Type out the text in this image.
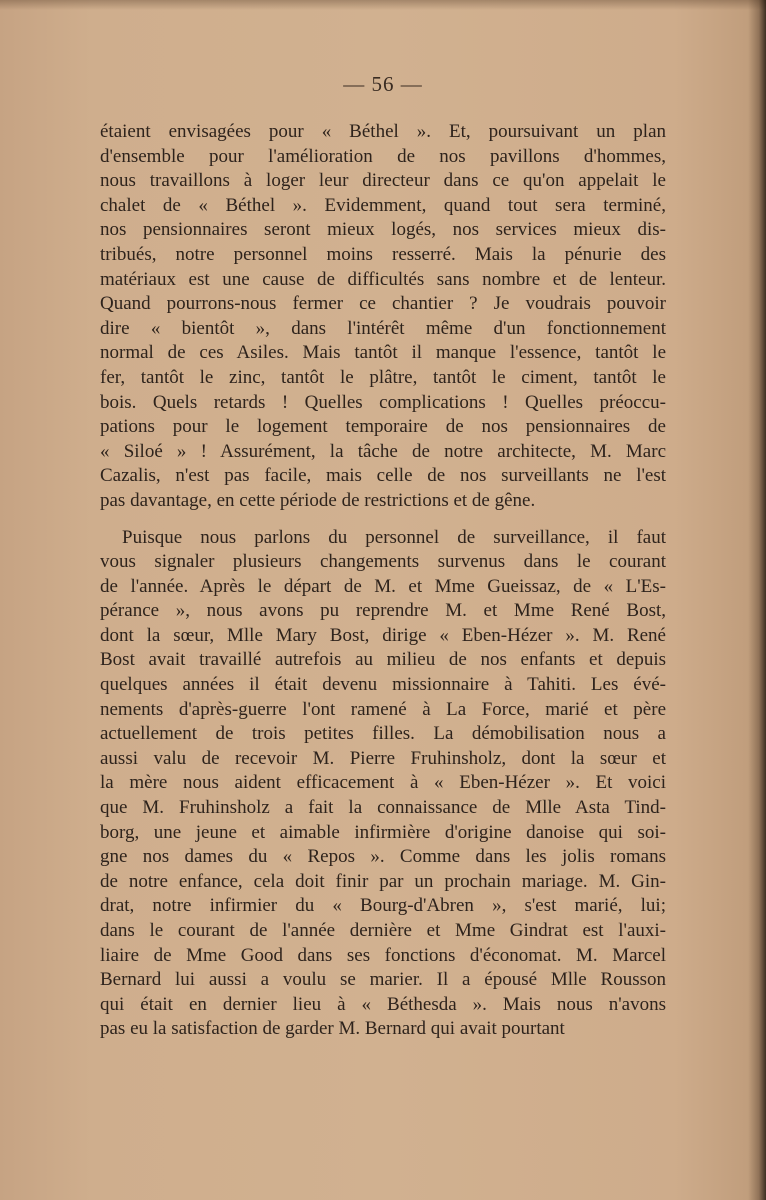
— 56 —

étaient envisagées pour « Béthel ». Et, poursuivant un plan
d'ensemble pour l'amélioration de nos pavillons d'hommes,
nous travaillons à loger leur directeur dans ce qu'on appelait le
chalet de « Béthel ». Evidemment, quand tout sera terminé,
nos pensionnaires seront mieux logés, nos services mieux dis-
tribués, notre personnel moins resserré. Mais la pénurie des
matériaux est une cause de difficultés sans nombre et de lenteur.
Quand pourrons-nous fermer ce chantier ? Je voudrais pouvoir
dire « bientôt », dans l'intérêt même d'un fonctionnement
normal de ces Asiles. Mais tantôt il manque l'essence, tantôt le
fer, tantôt le zinc, tantôt le plâtre, tantôt le ciment, tantôt le
bois. Quels retards ! Quelles complications ! Quelles préoccu-
pations pour le logement temporaire de nos pensionnaires de
« Siloé » ! Assurément, la tâche de notre architecte, M. Marc
Cazalis, n'est pas facile, mais celle de nos surveillants ne l'est
pas davantage, en cette période de restrictions et de gêne.

Puisque nous parlons du personnel de surveillance, il faut
vous signaler plusieurs changements survenus dans le courant
de l'année. Après le départ de M. et Mme Gueissaz, de « L'Es-
pérance », nous avons pu reprendre M. et Mme René Bost,
dont la sœur, Mlle Mary Bost, dirige « Eben-Hézer ». M. René
Bost avait travaillé autrefois au milieu de nos enfants et depuis
quelques années il était devenu missionnaire à Tahiti. Les évé-
nements d'après-guerre l'ont ramené à La Force, marié et père
actuellement de trois petites filles. La démobilisation nous a
aussi valu de recevoir M. Pierre Fruhinsholz, dont la sœur et
la mère nous aident efficacement à « Eben-Hézer ». Et voici
que M. Fruhinsholz a fait la connaissance de Mlle Asta Tind-
borg, une jeune et aimable infirmière d'origine danoise qui soi-
gne nos dames du « Repos ». Comme dans les jolis romans
de notre enfance, cela doit finir par un prochain mariage. M. Gin-
drat, notre infirmier du « Bourg-d'Abren », s'est marié, lui;
dans le courant de l'année dernière et Mme Gindrat est l'auxi-
liaire de Mme Good dans ses fonctions d'économat. M. Marcel
Bernard lui aussi a voulu se marier. Il a épousé Mlle Rousson
qui était en dernier lieu à « Béthesda ». Mais nous n'avons
pas eu la satisfaction de garder M. Bernard qui avait pourtant
